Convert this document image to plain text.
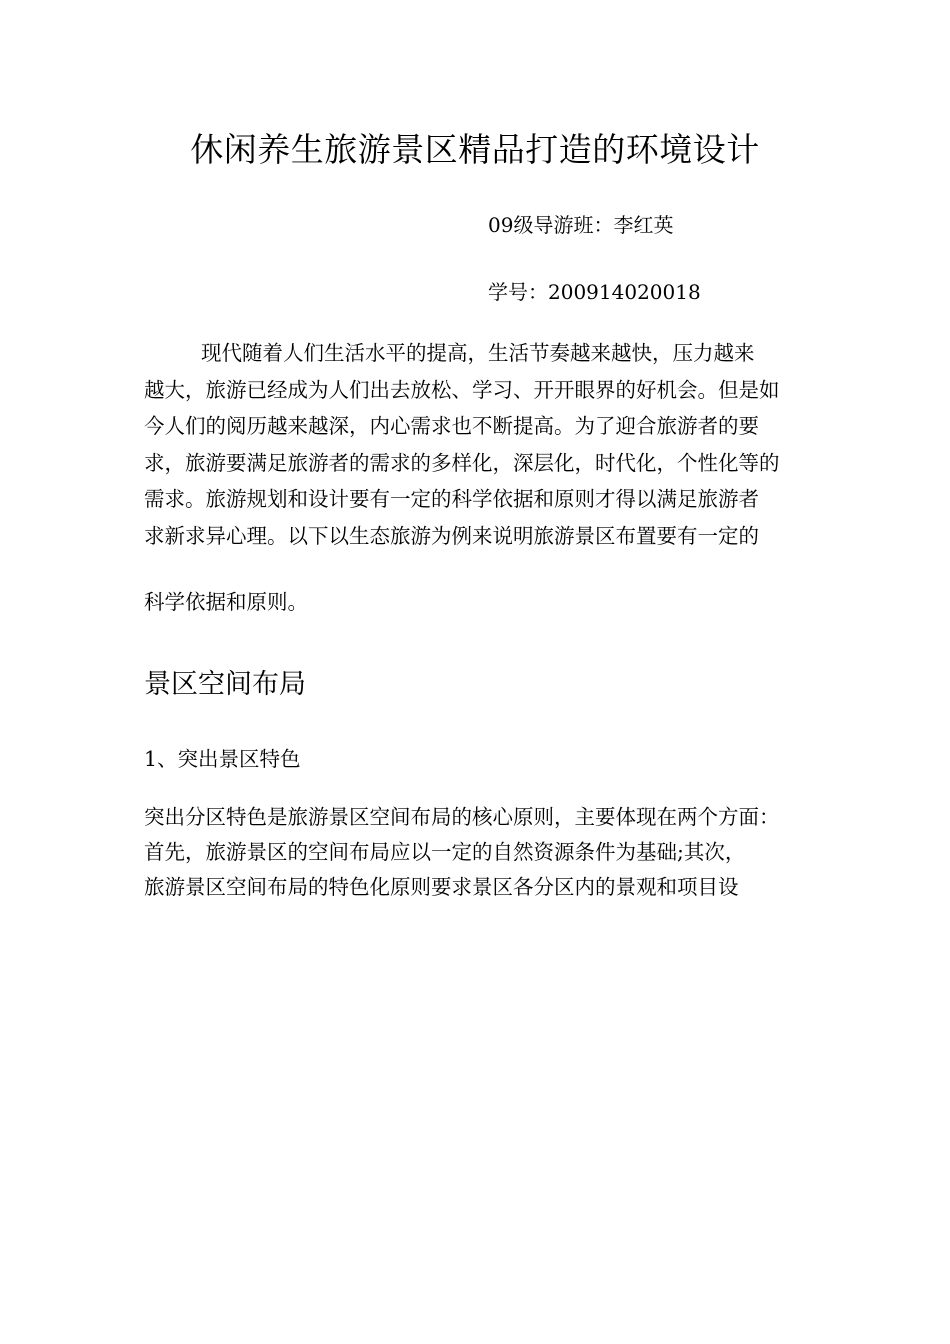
休闲养生旅游景区精品打造的环境设计
09级导游班：李红英
学号：200914020018
现代随着人们生活水平的提高，生活节奏越来越快，压力越来
越大，旅游已经成为人们出去放松、学习、开开眼界的好机会。但是如
今人们的阅历越来越深，内心需求也不断提高。为了迎合旅游者的要
求，旅游要满足旅游者的需求的多样化，深层化，时代化，个性化等的
需求。旅游规划和设计要有一定的科学依据和原则才得以满足旅游者
求新求异心理。以下以生态旅游为例来说明旅游景区布置要有一定的
科学依据和原则。
景区空间布局
1、突出景区特色
突出分区特色是旅游景区空间布局的核心原则，主要体现在两个方面：
首先，旅游景区的空间布局应以一定的自然资源条件为基础;其次，
旅游景区空间布局的特色化原则要求景区各分区内的景观和项目设
